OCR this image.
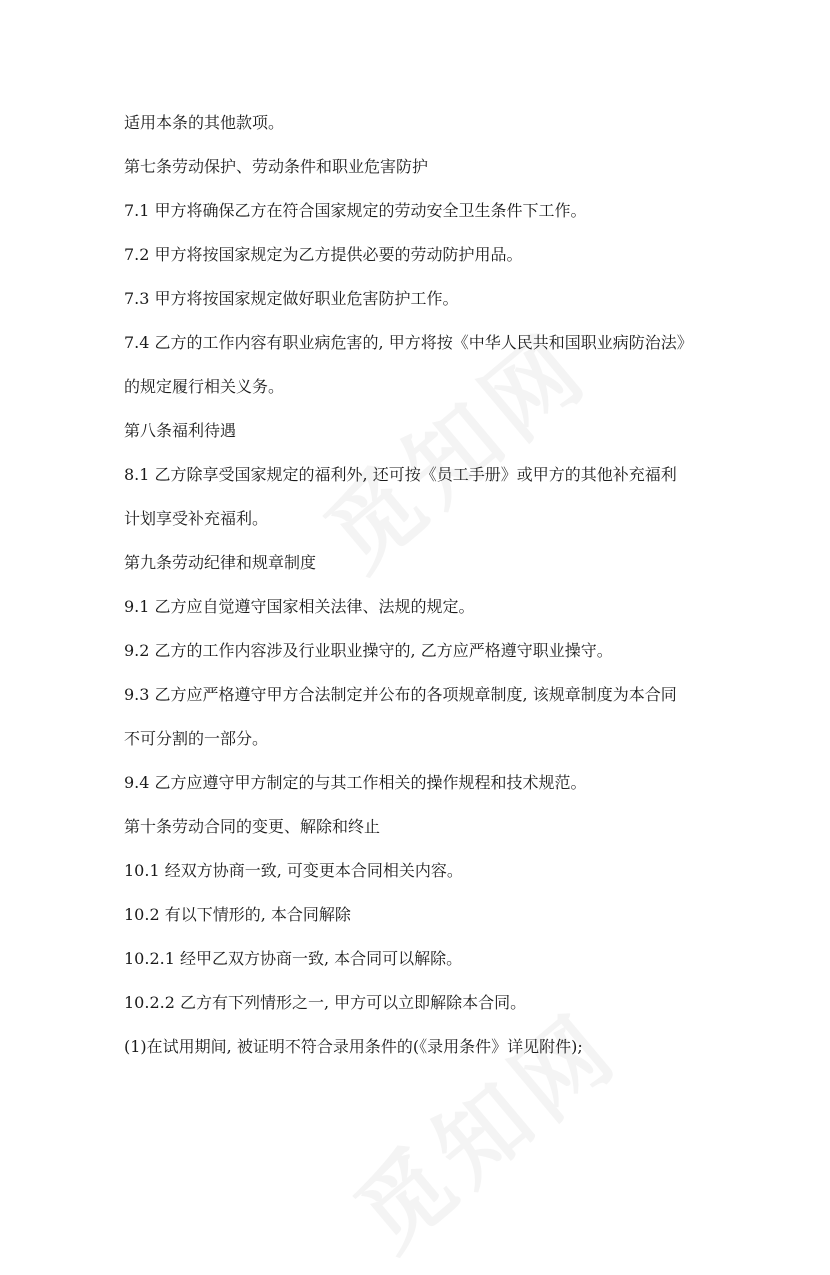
适用本条的其他款项。
第七条劳动保护、劳动条件和职业危害防护
7.1 甲方将确保乙方在符合国家规定的劳动安全卫生条件下工作。
7.2 甲方将按国家规定为乙方提供必要的劳动防护用品。
7.3 甲方将按国家规定做好职业危害防护工作。
7.4 乙方的工作内容有职业病危害的, 甲方将按《中华人民共和国职业病防治法》
的规定履行相关义务。
第八条福利待遇
8.1 乙方除享受国家规定的福利外, 还可按《员工手册》或甲方的其他补充福利
计划享受补充福利。
第九条劳动纪律和规章制度
9.1 乙方应自觉遵守国家相关法律、法规的规定。
9.2 乙方的工作内容涉及行业职业操守的, 乙方应严格遵守职业操守。
9.3 乙方应严格遵守甲方合法制定并公布的各项规章制度, 该规章制度为本合同
不可分割的一部分。
9.4 乙方应遵守甲方制定的与其工作相关的操作规程和技术规范。
第十条劳动合同的变更、解除和终止
10.1 经双方协商一致, 可变更本合同相关内容。
10.2 有以下情形的, 本合同解除
10.2.1 经甲乙双方协商一致, 本合同可以解除。
10.2.2 乙方有下列情形之一, 甲方可以立即解除本合同。
(1)在试用期间, 被证明不符合录用条件的(《录用条件》详见附件);
